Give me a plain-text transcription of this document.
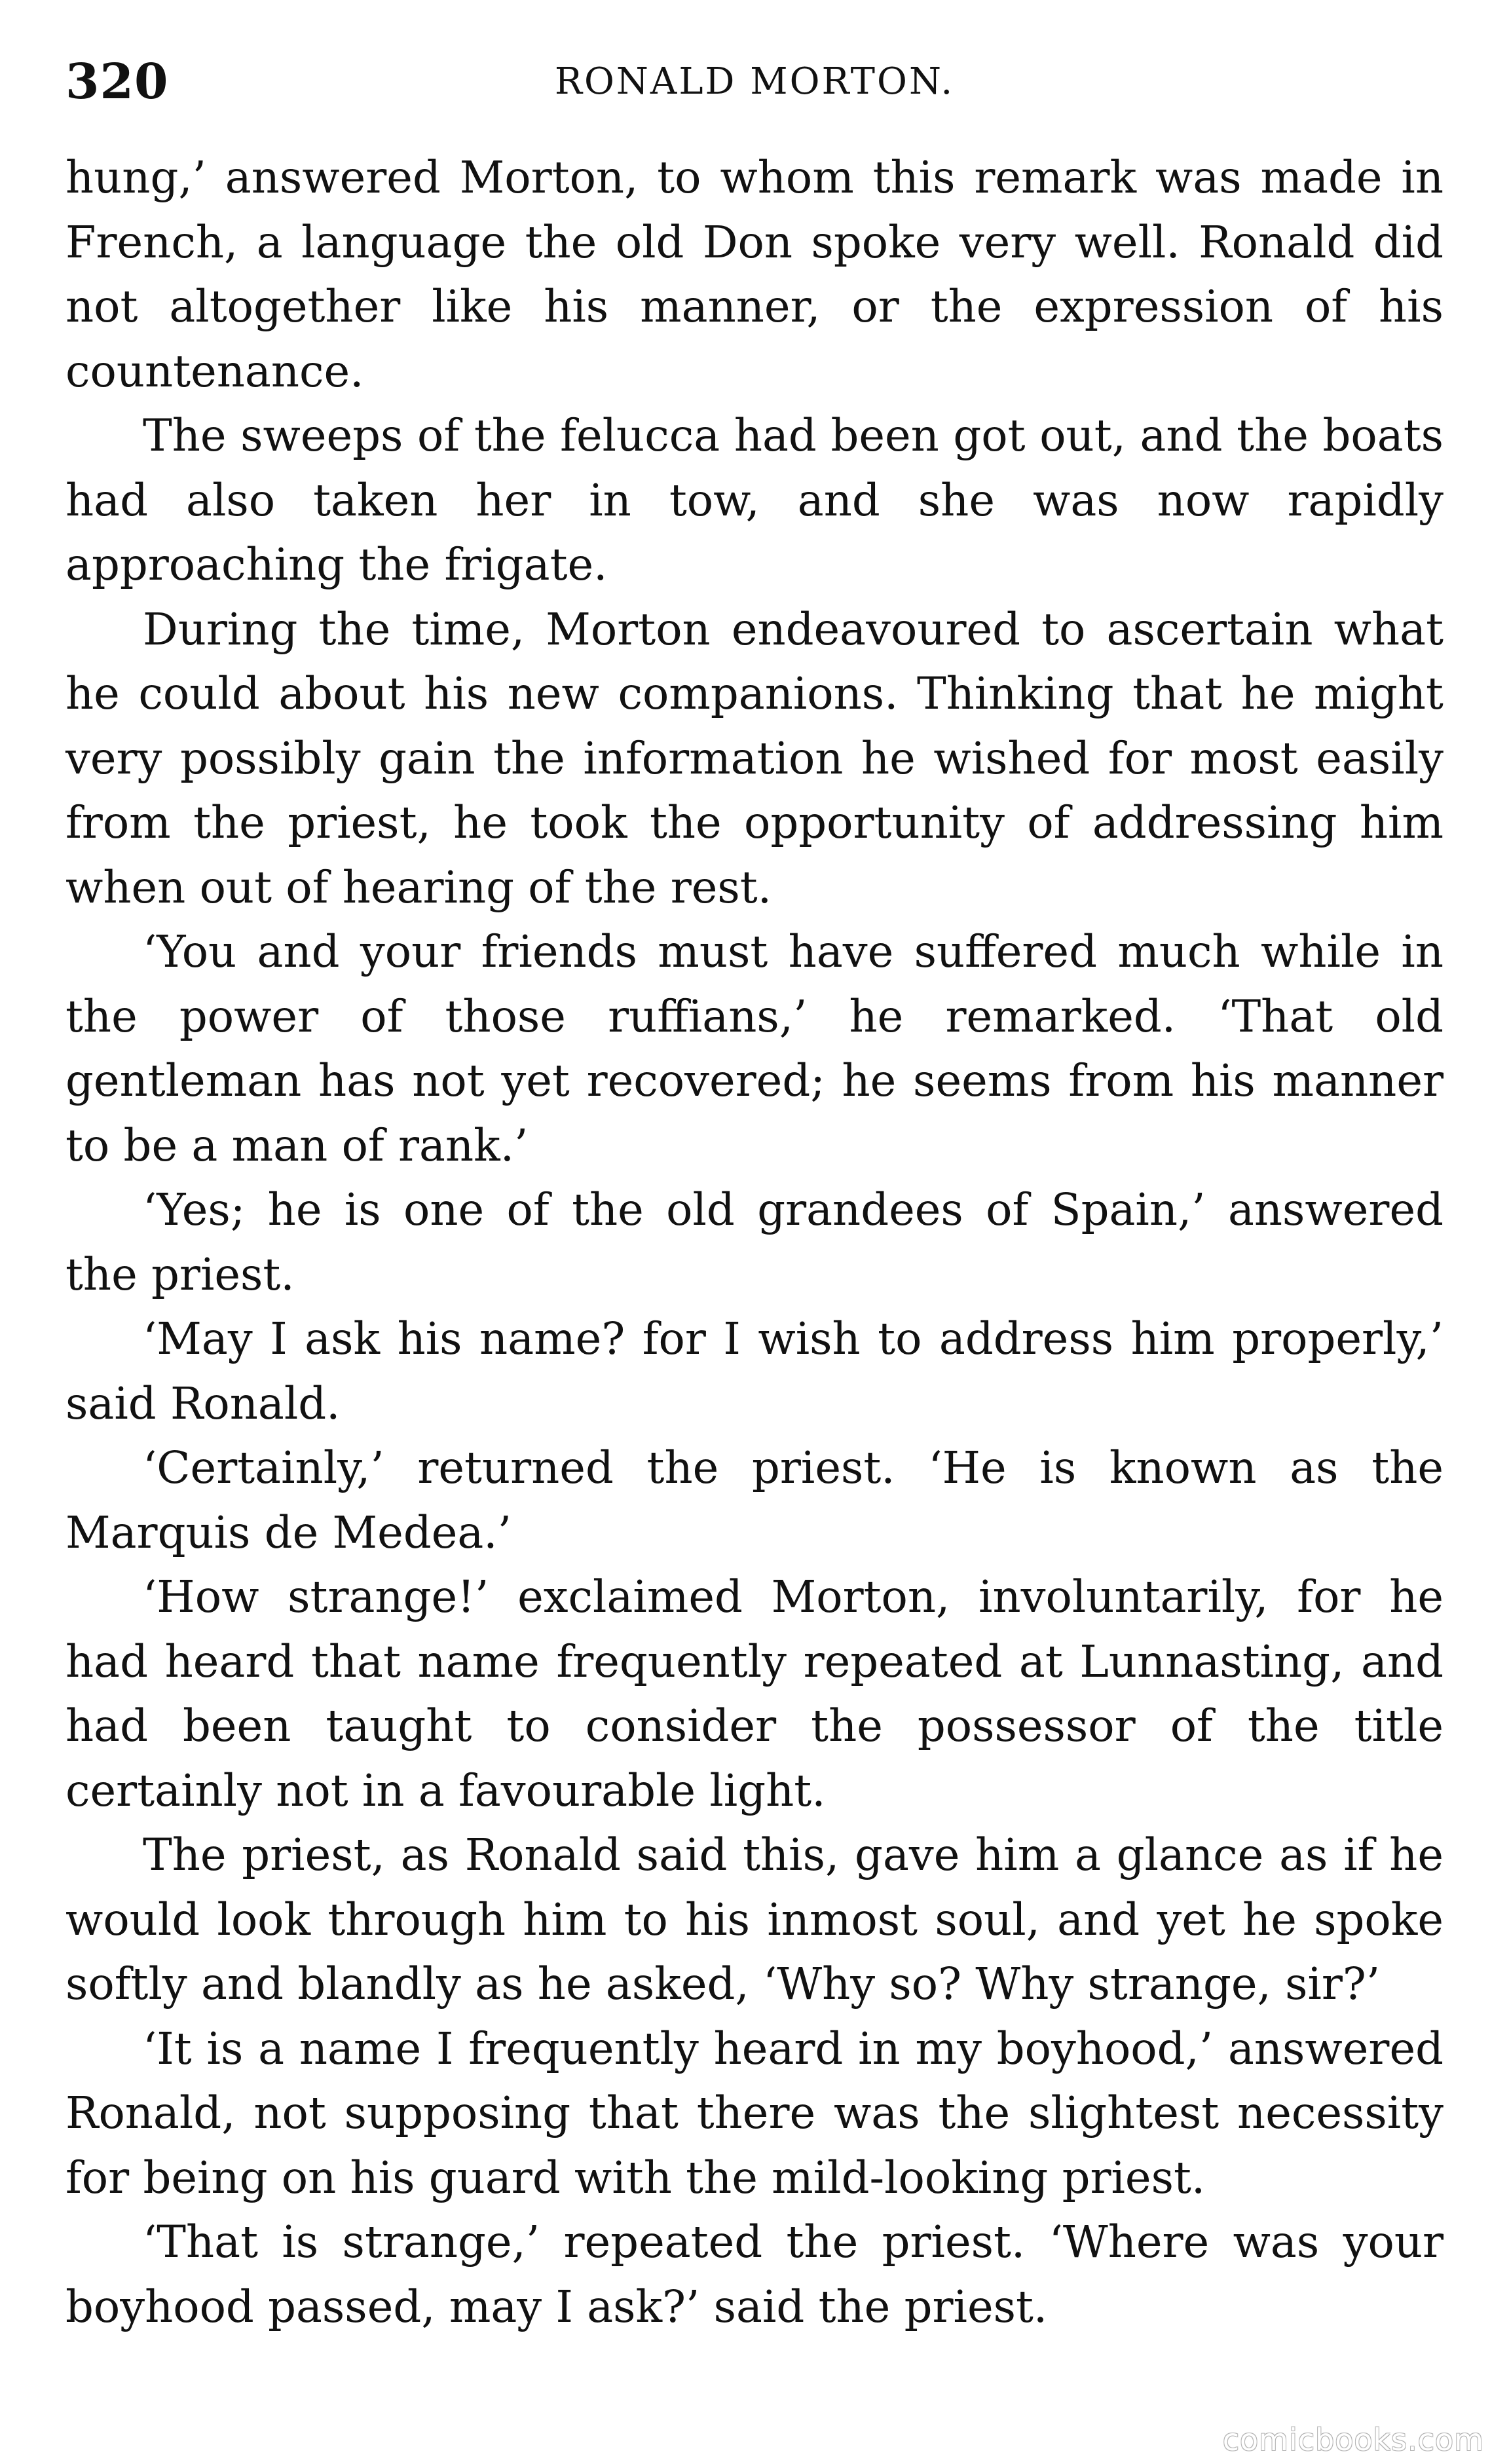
320	RONALD MORTON.

hung,’ answered Morton, to whom this remark was made in French, a language the old Don spoke very well. Ronald did not altogether like his manner, or the expression of his countenance.

The sweeps of the felucca had been got out, and the boats had also taken her in tow, and she was now rapidly approaching the frigate.

During the time, Morton endeavoured to ascertain what he could about his new companions. Thinking that he might very possibly gain the information he wished for most easily from the priest, he took the opportunity of addressing him when out of hearing of the rest.

‘You and your friends must have suffered much while in the power of those ruffians,’ he remarked. ‘That old gentleman has not yet recovered; he seems from his manner to be a man of rank.’

‘Yes; he is one of the old grandees of Spain,’ answered the priest.

‘May I ask his name? for I wish to address him properly,’ said Ronald.

‘Certainly,’ returned the priest. ‘He is known as the Marquis de Medea.’

‘How strange!’ exclaimed Morton, involuntarily, for he had heard that name frequently repeated at Lunnasting, and had been taught to consider the possessor of the title certainly not in a favourable light.

The priest, as Ronald said this, gave him a glance as if he would look through him to his inmost soul, and yet he spoke softly and blandly as he asked, ‘Why so? Why strange, sir?’

‘It is a name I frequently heard in my boyhood,’ answered Ronald, not supposing that there was the slightest necessity for being on his guard with the mild-looking priest.

‘That is strange,’ repeated the priest. ‘Where was your boyhood passed, may I ask?’ said the priest.

comicbooks.com
